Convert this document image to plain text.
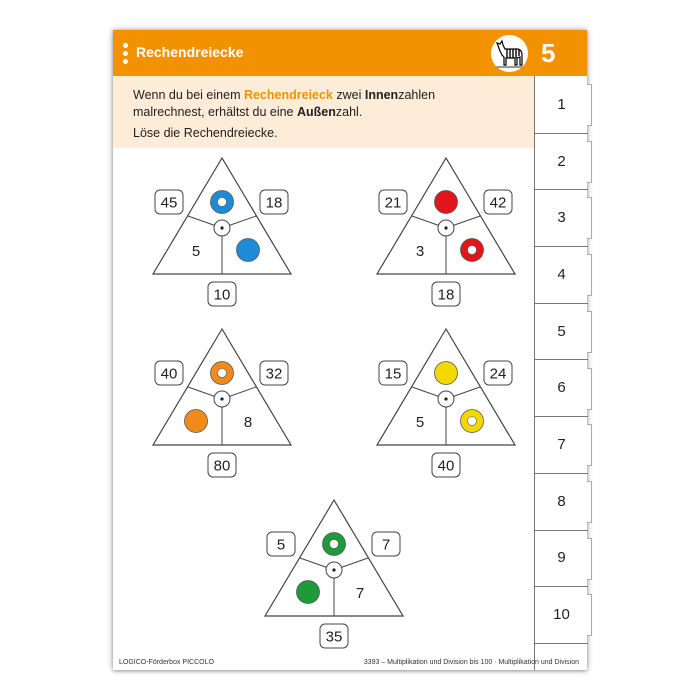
Rechendreiecke	5

Wenn du bei einem Rechendreieck zwei Innenzahlen

malrechnest, erhältst du eine Außenzahl.

Löse die Rechendreiecke.

1
2
3
4
5
6
7
8
9
10
5
45	18
10
3
21	42
18
8
40	32
80
5
15	24
40
7
5	7
35
LOGICO-Förderbox PICCOLO	3393 – Multiplikation und Division bis 100 · Multiplikation und Division
